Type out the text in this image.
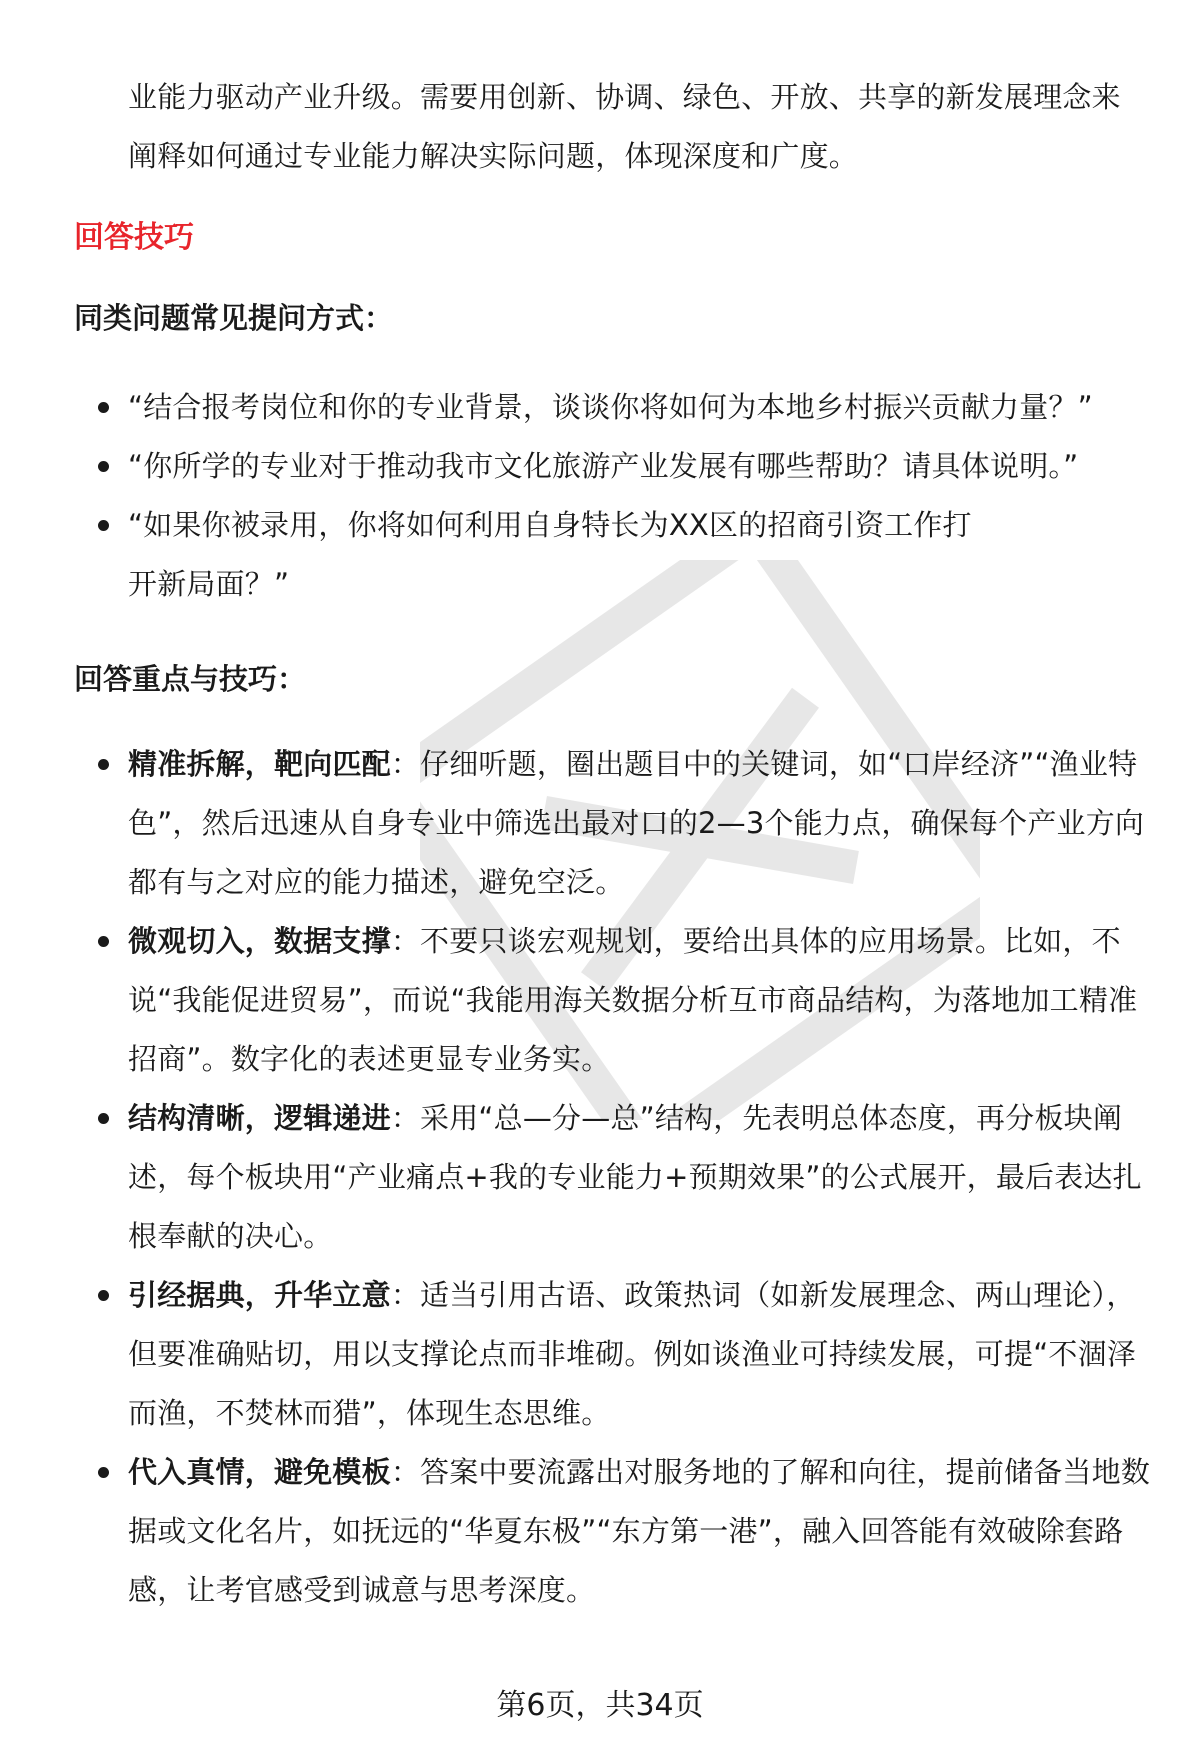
业能力驱动产业升级。需要用创新、协调、绿色、开放、共享的新发展理念来阐释如何通过专业能力解决实际问题，体现深度和广度。

回答技巧
同类问题常见提问方式：
“结合报考岗位和你的专业背景，谈谈你将如何为本地乡村振兴贡献力量？”
“你所学的专业对于推动我市文化旅游产业发展有哪些帮助？请具体说明。”
“如果你被录用，你将如何利用自身特长为XX区的招商引资工作打开新局面？”
回答重点与技巧：
精准拆解，靶向匹配：仔细听题，圈出题目中的关键词，如“口岸经济”“渔业特色”，然后迅速从自身专业中筛选出最对口的2—3个能力点，确保每个产业方向都有与之对应的能力描述，避免空泛。
微观切入，数据支撑：不要只谈宏观规划，要给出具体的应用场景。比如，不说“我能促进贸易”，而说“我能用海关数据分析互市商品结构，为落地加工精准招商”。数字化的表述更显专业务实。
结构清晰，逻辑递进：采用“总—分—总”结构，先表明总体态度，再分板块阐述，每个板块用“产业痛点+我的专业能力+预期效果”的公式展开，最后表达扎根奉献的决心。
引经据典，升华立意：适当引用古语、政策热词（如新发展理念、两山理论），但要准确贴切，用以支撑论点而非堆砌。例如谈渔业可持续发展，可提“不涸泽而渔，不焚林而猎”，体现生态思维。
代入真情，避免模板：答案中要流露出对服务地的了解和向往，提前储备当地数据或文化名片，如抚远的“华夏东极”“东方第一港”，融入回答能有效破除套路感，让考官感受到诚意与思考深度。

第6页，共34页
